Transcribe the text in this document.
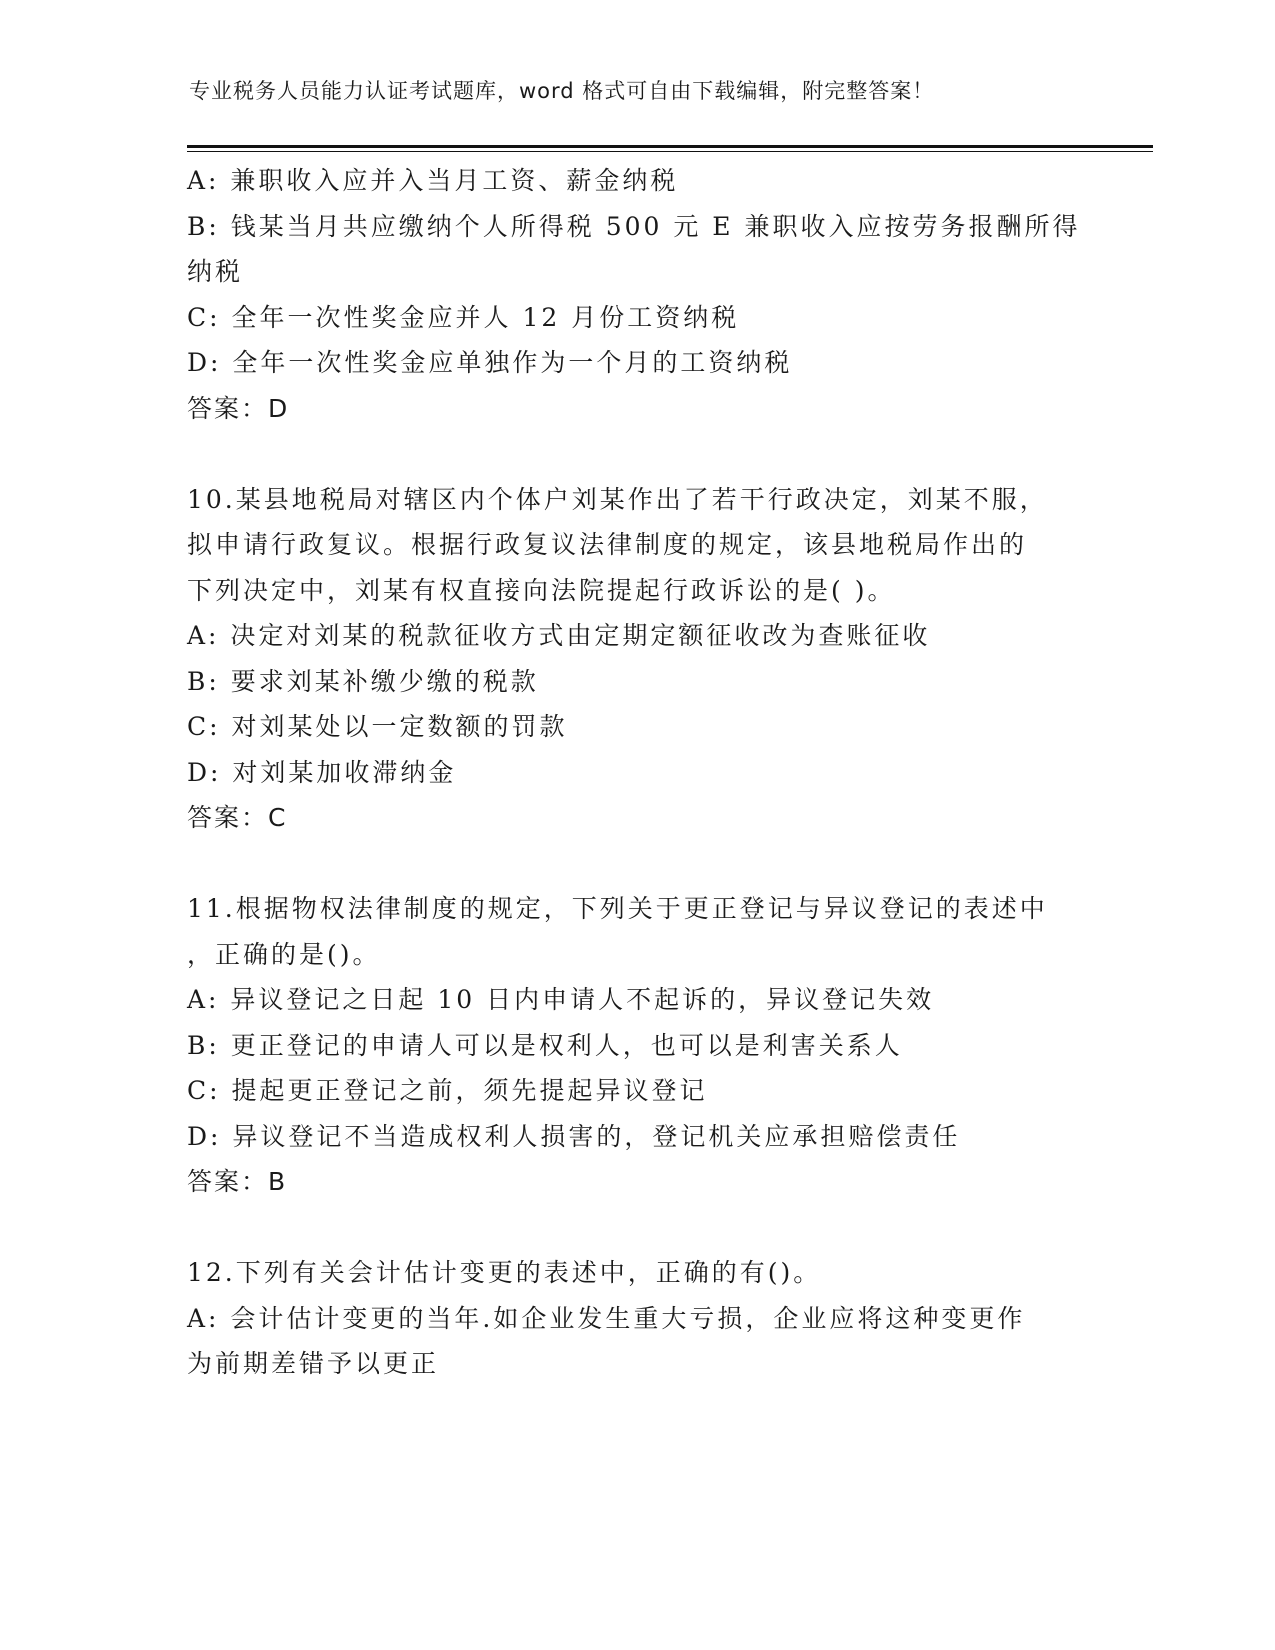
专业税务人员能力认证考试题库，word 格式可自由下载编辑，附完整答案！
A: 兼职收入应并入当月工资、薪金纳税
B: 钱某当月共应缴纳个人所得税 500 元 E 兼职收入应按劳务报酬所得
纳税
C: 全年一次性奖金应并人 12 月份工资纳税
D: 全年一次性奖金应单独作为一个月的工资纳税
答案：D
10.某县地税局对辖区内个体户刘某作出了若干行政决定，刘某不服，
拟申请行政复议。根据行政复议法律制度的规定，该县地税局作出的
下列决定中，刘某有权直接向法院提起行政诉讼的是( )。
A: 决定对刘某的税款征收方式由定期定额征收改为查账征收
B: 要求刘某补缴少缴的税款
C: 对刘某处以一定数额的罚款
D: 对刘某加收滞纳金
答案：C
11.根据物权法律制度的规定，下列关于更正登记与异议登记的表述中
，正确的是()。
A: 异议登记之日起 10 日内申请人不起诉的，异议登记失效
B: 更正登记的申请人可以是权利人，也可以是利害关系人
C: 提起更正登记之前，须先提起异议登记
D: 异议登记不当造成权利人损害的，登记机关应承担赔偿责任
答案：B
12.下列有关会计估计变更的表述中，正确的有()。
A: 会计估计变更的当年.如企业发生重大亏损，企业应将这种变更作
为前期差错予以更正
